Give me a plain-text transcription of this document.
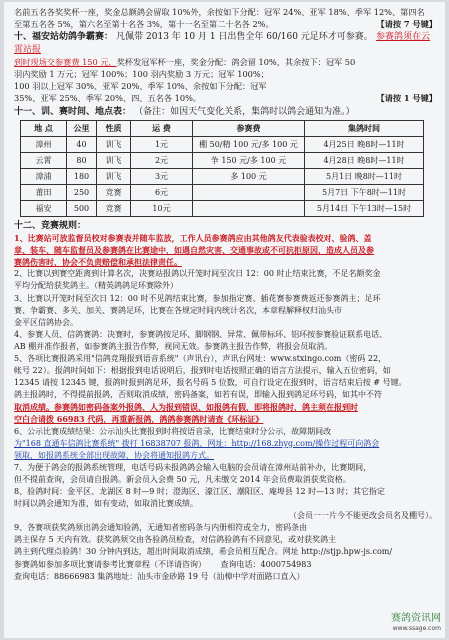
名前五名各奖奖杯一座，奖金总额鸽会留取 10%外，余按如下分配：冠军 24%、亚军 18%、季军 12%、第四名
至第五名各 5%，第六名至第十名各 3%，第十一名至第二十名各 2%。	【请按 7 号键】
十、福安站幼鸽争霸赛： 凡佩带 2013 年 10 月 1 日出售全年 60/160 元足环才可参赛。 参赛鸽须在云霄站报
到时现场交参赛费 150 元，奖杯发冠军杯一座，奖金分配：鸽会留 10%，其余按下：冠军 50
羽内奖励 1 万元；冠军 100%；100 羽内奖励 3 万元；冠军 100%；
100 羽以上冠军 30%、亚军 20%、季军 10%、余按如下分配：冠军
35%、亚军 25%、季军 20%、四、五名各 10%。	【请按 1 号键】
十一、训、赛时间、地点表： （备注：如因天气变化关系，集鸽时以鸽会通知为准。）
地 点	公里	性质	运 费	参赛费	集鸽时间
漳州	40	训飞	1元	棚 50/精 100 元/多 100 元	4月25日 晚8时—11时
云霄	80	训飞	2元	争 150 元/多 100 元	4月28日 晚8时—11时
漳浦	180	训飞	3元	多 100 元	5月1日 晚8时—11时
莆田	250	竞赛	6元		5月7日 下午8时—11时
福安	500	竞赛	10元		5月14日 下午13时—15时
十二、竞赛规则：
1、比赛站可放监督员校对参赛表并随车监放，工作人员参赛鸽应由其他鸽友代表验表校对、验鸽、盖
章、装车、随车监督员及参赛鸽在比赛途中，如遇自然灾害、交通事故或不可抗拒原因，造成人员及参
赛鸽伤害时，协会不负责赔偿和承担法律责任。
2、比赛以到赛空距离到计算名次，决赛站报鸽以开笼时间至次日 12：00 时止结束比赛，不足名额奖金
平均分配给获奖鸽主。（精英鸽鸽足环赛除外）
3、比赛以开笼时间至次日 12：00 时不见鸽结束比赛，参加指定赛、插花赛参赛费返还参赛鸽主；足环
赛、争霸赛、多关、加关、赛鸽足环，比赛在各规定时间内统计名次，本章程解释权归汕头市
金平区信鸽协会。
4、参赛人员、信鸽赛鸽：决赛时，参赛鸽按足环、脚钢钢、异常、佩带标环、铝环按参赛验证联系电话、
AB 棚并准作报者，如参赛鸽主报告作弊，视同无效。参赛鸽主报告作弊，将报会员取消。
5、各项比赛报鸽采用"信鸽竞翔报到语音系统"（声讯台），声讯台网址：www.stxingo.com（密码 22，
帐号 22）。报鸽时间如下：根据报到电话说明后，报到时电话按照正确的语言方法提示，输入五位密码，如
12345 请按 12345 键，报鸽时报到鸽足环，报名号码 5 位数，可自行设定在报到时，语言结束后按 # 号键。
鸽主报鸽时，不得提前报鸽，否则取消成绩，密码备案，如若有误，即输入报到鸽足环号码，如其中不符
取消成绩。参赛鸽如密码备案外报鸽、人为报到错误、如报鸽有假，即将报鸽时，鸽主须在报到时
空白合请拨 66983 代码，再重新报鸽，鸽鸽参赛鸽时请查《环标证》
6、公示比赛成绩结果：公示汕头比赛报到时将按语音录，比赛结束时分公示，故障期间改
为"168 直通车信鸽比赛系统" 拨打 16838707 报鸽，网址：http://168.zhyg.com/操作过程可向鸽会
领取，如报鸽系统全部出现故障，协会将通知报鸽方式。
7、为便于鸽会的报鸽系统管理，电话号码未报鸽鸽会输入电脑的会员请在漳州站前补办，比赛期间，
但不提前查询，会员请自报鸽。新会员入会费 50 元，凡未缴交 2014 年会员费取消获奖资格。
8、验鸽时间：金平区、龙湖区 8 时—9 时；澄海区、濠江区、潮阳区、庵埠县 12 时—13 时；其它指定
时间以鸽会通知为准，如有变动，如取消比赛成绩。
（会员一一片今不能更改会员名及棚号）。
9、各赛项获奖鸽须出鸽会通知验鸽，无通知者密码条与内册相符或全力，密码条由
鸽主保存 5 天内有效。获奖鸽须交由各验鸽员检查，对信鸽验鸽有不同意见，或对获奖鸽主
鸽主到代理点验鸽！30 分钟内到达，超出时间取消成绩，希会员相互配合。网址 http://stjp.hpw-js.com/
参赛鸽如参加多项比赛请参考比赛章程（不详请咨询） 查询电话：4000754983
查询电话：88666983 集鸽地址：汕头市金砂路 19 号（汕樟中学对面路口直入）
赛鸽资讯网
www.ssage.com
